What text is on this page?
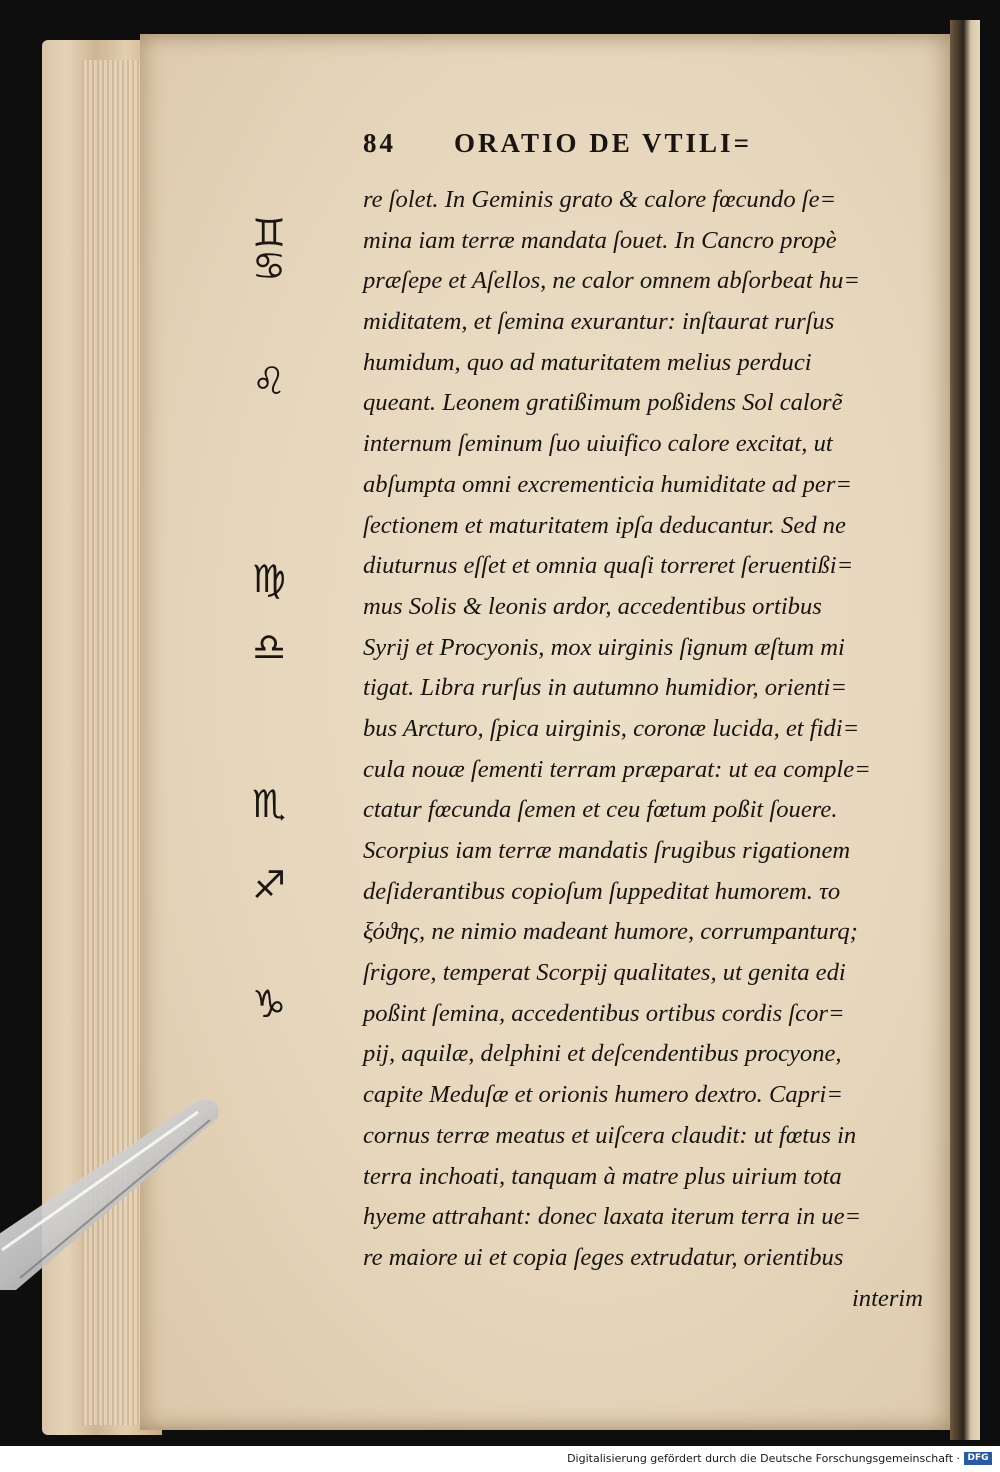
84 ORATIO DE VTILI=
re ſolet. In Geminis grato & calore fœcundo ſe=
mina iam terræ mandata ſouet. In Cancro propè
præſepe et Aſellos, ne calor omnem abſorbeat hu=
miditatem, et ſemina exurantur: inſtaurat rurſus
humidum, quo ad maturitatem melius perduci
queant. Leonem gratißimum poßidens Sol calorẽ
internum ſeminum ſuo uiuifico calore excitat, ut
abſumpta omni excrementicia humiditate ad per=
ſectionem et maturitatem ipſa deducantur. Sed ne
diuturnus eſſet et omnia quaſi torreret ſeruentißi=
mus Solis & leonis ardor, accedentibus ortibus
Syrij et Procyonis, mox uirginis ſignum æſtum mi
tigat. Libra rurſus in autumno humidior, orienti=
bus Arcturo, ſpica uirginis, coronæ lucida, et fidi=
cula nouæ ſementi terram præparat: ut ea comple=
ctatur fœcunda ſemen et ceu fœtum poßit ſouere.
Scorpius iam terræ mandatis ſrugibus rigationem
deſiderantibus copioſum ſuppeditat humorem. το
ξόϑης, ne nimio madeant humore, corrumpanturq;
ſrigore, temperat Scorpij qualitates, ut genita edi
poßint ſemina, accedentibus ortibus cordis ſcor=
pij, aquilæ, delphini et deſcendentibus procyone,
capite Meduſæ et orionis humero dextro. Capri=
cornus terræ meatus et uiſcera claudit: ut fœtus in
terra inchoati, tanquam à matre plus uirium tota
hyeme attrahant: donec laxata iterum terra in ue=
re maiore ui et copia ſeges extrudatur, orientibus
interim
♊
♋
♌
♍
♎
♏
♐
♑
Digitalisierung gefördert durch die Deutsche Forschungsgemeinschaft · DFG
